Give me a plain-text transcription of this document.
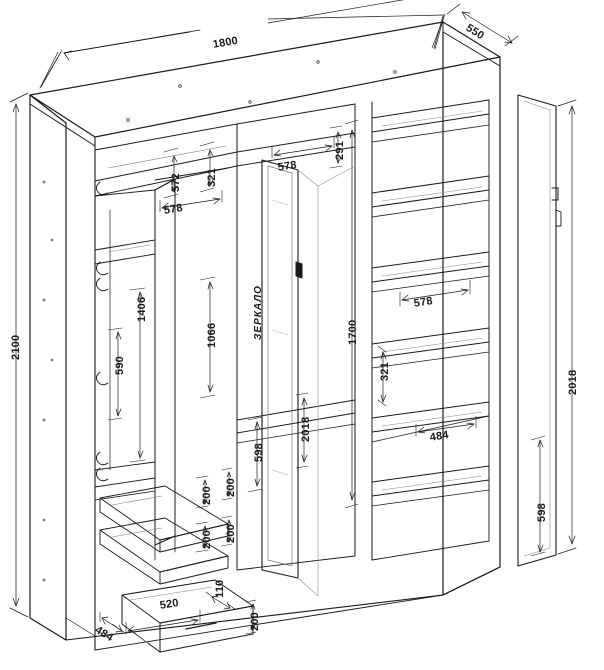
1800
550
2100
2018
598
1700
578
321
484
1406
590
1066
598
2018
572 321
578
578
291
200 200
200 200
200
520
110
484
ЗЕРКАЛО
